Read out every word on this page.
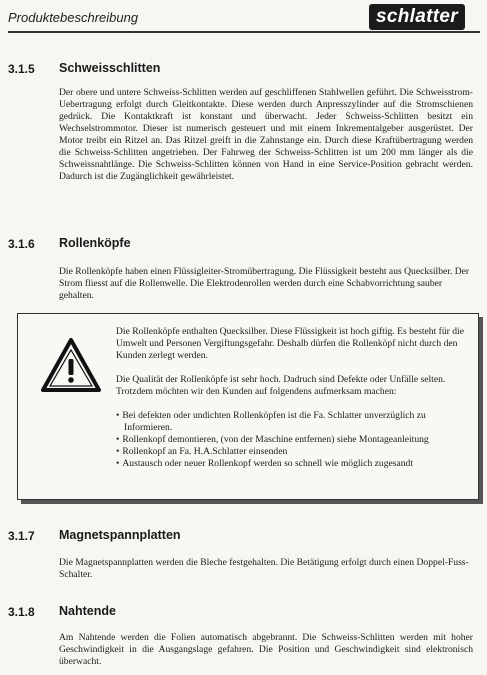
Produktebeschreibung	schlatter
3.1.5 Schweisschlitten

Der obere und untere Schweiss-Schlitten werden auf geschliffenen Stahlwellen geführt. Die Schweisstrom-Uebertragung erfolgt durch Gleitkontakte. Diese werden durch Anpresszylinder auf die Stromschienen gedrück. Die Kontaktkraft ist konstant und überwacht. Jeder Schweiss-Schlitten besitzt ein Wechselstrommotor. Dieser ist numerisch gesteuert und mit einem Inkrementalgeber ausgerüstet. Der Motor treibt ein Ritzel an. Das Ritzel greift in die Zahnstange ein. Durch diese Kraftübertragung werden die Schweiss-Schlitten angetrieben. Der Fahrweg der Schweiss-Schlitten ist um 200 mm länger als die Schweissnahtlänge. Die Schweiss-Schlitten können von Hand in eine Service-Position gebracht werden. Dadurch ist die Zugänglichkeit gewährleistet.

3.1.6 Rollenköpfe

Die Rollenköpfe haben einen Flüssigleiter-Stromübertragung. Die Flüssigkeit besteht aus Quecksilber. Der Strom fliesst auf die Rollenwelle. Die Elektrodenrollen werden durch eine Schabvorrichtung sauber gehalten.

Die Rollenköpfe enthalten Quecksilber. Diese Flüssigkeit ist hoch giftig. Es besteht für die Umwelt und Personen Vergiftungsgefahr. Deshalb dürfen die Rollenköpf nicht durch den Kunden zerlegt werden.

Die Qualität der Rollenköpfe ist sehr hoch. Dadruch sind Defekte oder Unfälle selten.

Trotzdem möchten wir den Kunden auf folgendens aufmerksam machen:

• Bei defekten oder undichten Rollenköpfen ist die Fa. Schlatter unverzüglich zu Informieren.
• Rollenkopf demontieren, (von der Maschine entfernen) siehe Montageanleitung
• Rollenkopf an Fa. H.A.Schlatter einsenden
• Austausch oder neuer Rollenkopf werden so schnell wie möglich zugesandt
3.1.7 Magnetspannplatten

Die Magnetspannplatten werden die Bleche festgehalten. Die Betätigung erfolgt durch einen Doppel-Fuss-Schalter.

3.1.8 Nahtende

Am Nahtende werden die Folien automatisch abgebrannt. Die Schweiss-Schlitten werden mit hoher Geschwindigkeit in die Ausgangslage gefahren. Die Position und Geschwindigkeit sind elektronisch überwacht.
